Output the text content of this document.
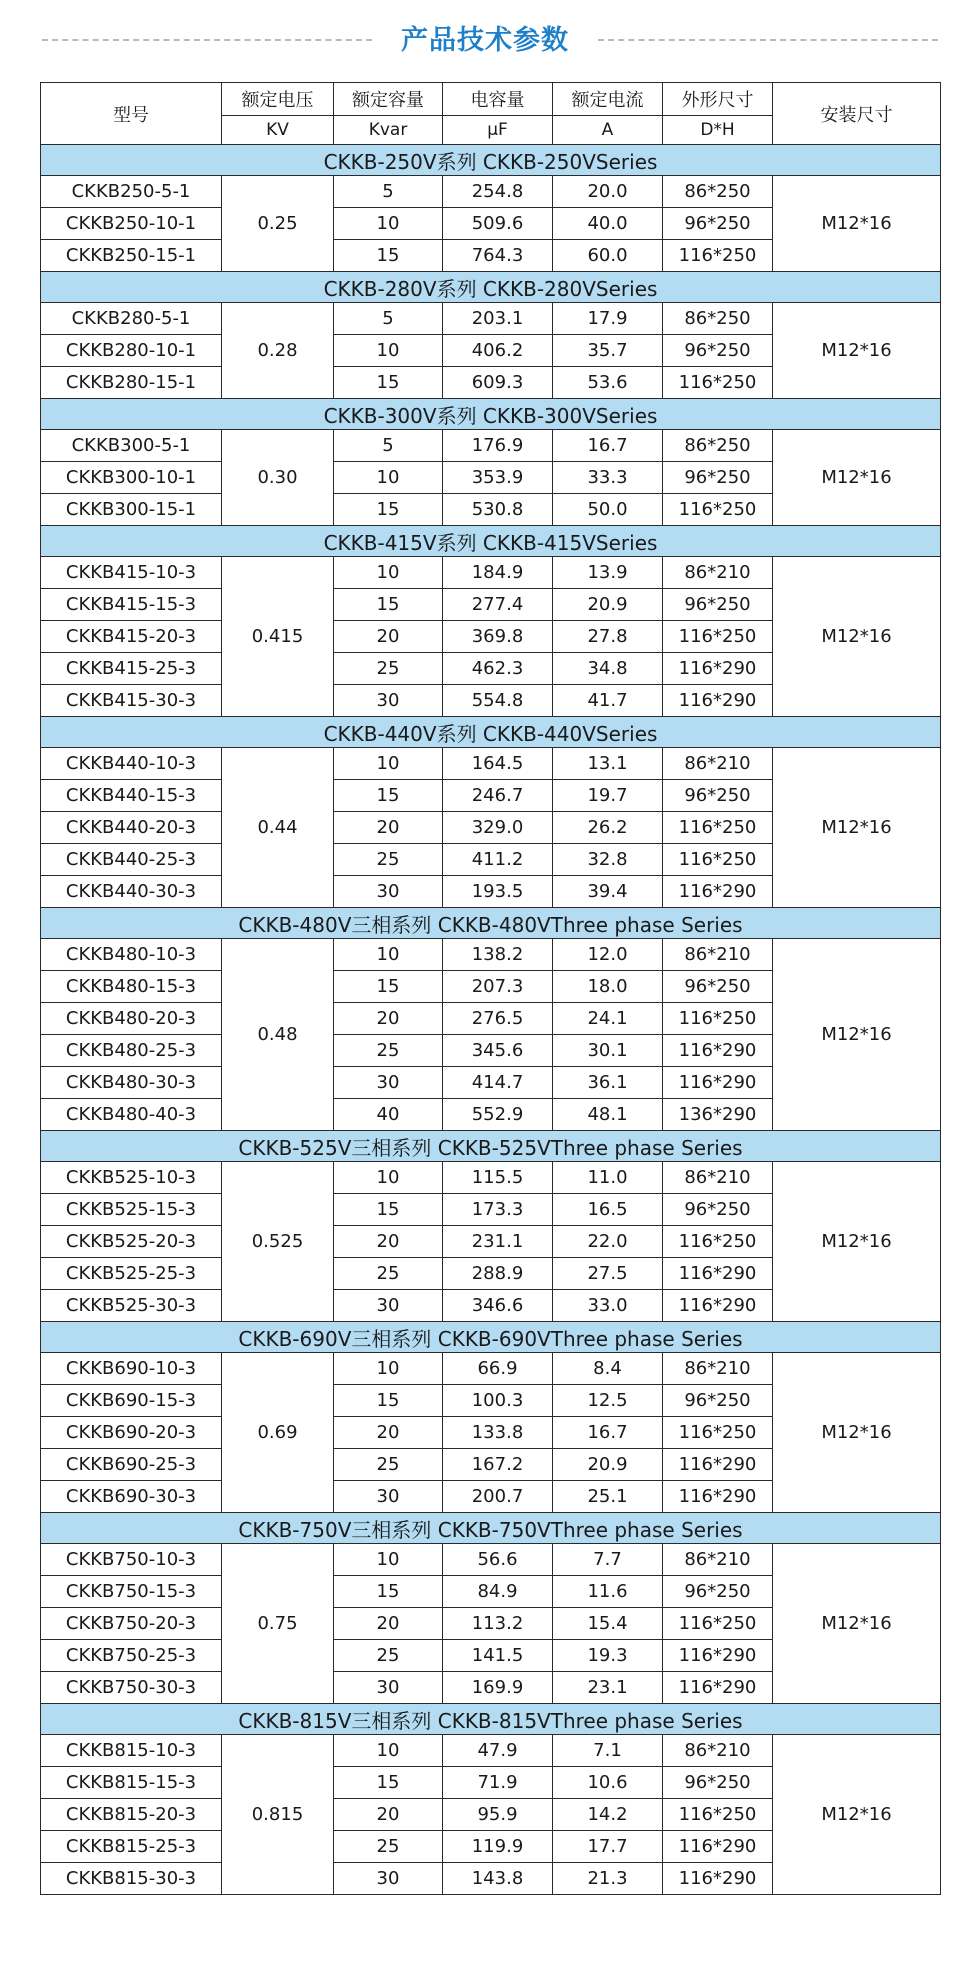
产品技术参数
型号	额定电压	额定容量	电容量	额定电流	外形尺寸	安装尺寸
	KV	Kvar	μF	A	D*H	
CKKB-250V系列 CKKB-250VSeries						
CKKB250-5-1	0.25	5	254.8	20.0	86*250	M12*16
CKKB250-10-1		10	509.6	40.0	96*250	
CKKB250-15-1		15	764.3	60.0	116*250	
CKKB-280V系列 CKKB-280VSeries						
CKKB280-5-1	0.28	5	203.1	17.9	86*250	M12*16
CKKB280-10-1		10	406.2	35.7	96*250	
CKKB280-15-1		15	609.3	53.6	116*250	
CKKB-300V系列 CKKB-300VSeries						
CKKB300-5-1	0.30	5	176.9	16.7	86*250	M12*16
CKKB300-10-1		10	353.9	33.3	96*250	
CKKB300-15-1		15	530.8	50.0	116*250	
CKKB-415V系列 CKKB-415VSeries						
CKKB415-10-3	0.415	10	184.9	13.9	86*210	M12*16
CKKB415-15-3		15	277.4	20.9	96*250	
CKKB415-20-3		20	369.8	27.8	116*250	
CKKB415-25-3		25	462.3	34.8	116*290	
CKKB415-30-3		30	554.8	41.7	116*290	
CKKB-440V系列 CKKB-440VSeries						
CKKB440-10-3	0.44	10	164.5	13.1	86*210	M12*16
CKKB440-15-3		15	246.7	19.7	96*250	
CKKB440-20-3		20	329.0	26.2	116*250	
CKKB440-25-3		25	411.2	32.8	116*250	
CKKB440-30-3		30	193.5	39.4	116*290	
CKKB-480V三相系列 CKKB-480VThree phase Series						
CKKB480-10-3	0.48	10	138.2	12.0	86*210	M12*16
CKKB480-15-3		15	207.3	18.0	96*250	
CKKB480-20-3		20	276.5	24.1	116*250	
CKKB480-25-3		25	345.6	30.1	116*290	
CKKB480-30-3		30	414.7	36.1	116*290	
CKKB480-40-3		40	552.9	48.1	136*290	
CKKB-525V三相系列 CKKB-525VThree phase Series						
CKKB525-10-3	0.525	10	115.5	11.0	86*210	M12*16
CKKB525-15-3		15	173.3	16.5	96*250	
CKKB525-20-3		20	231.1	22.0	116*250	
CKKB525-25-3		25	288.9	27.5	116*290	
CKKB525-30-3		30	346.6	33.0	116*290	
CKKB-690V三相系列 CKKB-690VThree phase Series						
CKKB690-10-3	0.69	10	66.9	8.4	86*210	M12*16
CKKB690-15-3		15	100.3	12.5	96*250	
CKKB690-20-3		20	133.8	16.7	116*250	
CKKB690-25-3		25	167.2	20.9	116*290	
CKKB690-30-3		30	200.7	25.1	116*290	
CKKB-750V三相系列 CKKB-750VThree phase Series						
CKKB750-10-3	0.75	10	56.6	7.7	86*210	M12*16
CKKB750-15-3		15	84.9	11.6	96*250	
CKKB750-20-3		20	113.2	15.4	116*250	
CKKB750-25-3		25	141.5	19.3	116*290	
CKKB750-30-3		30	169.9	23.1	116*290	
CKKB-815V三相系列 CKKB-815VThree phase Series						
CKKB815-10-3	0.815	10	47.9	7.1	86*210	M12*16
CKKB815-15-3		15	71.9	10.6	96*250	
CKKB815-20-3		20	95.9	14.2	116*250	
CKKB815-25-3		25	119.9	17.7	116*290	
CKKB815-30-3		30	143.8	21.3	116*290	
